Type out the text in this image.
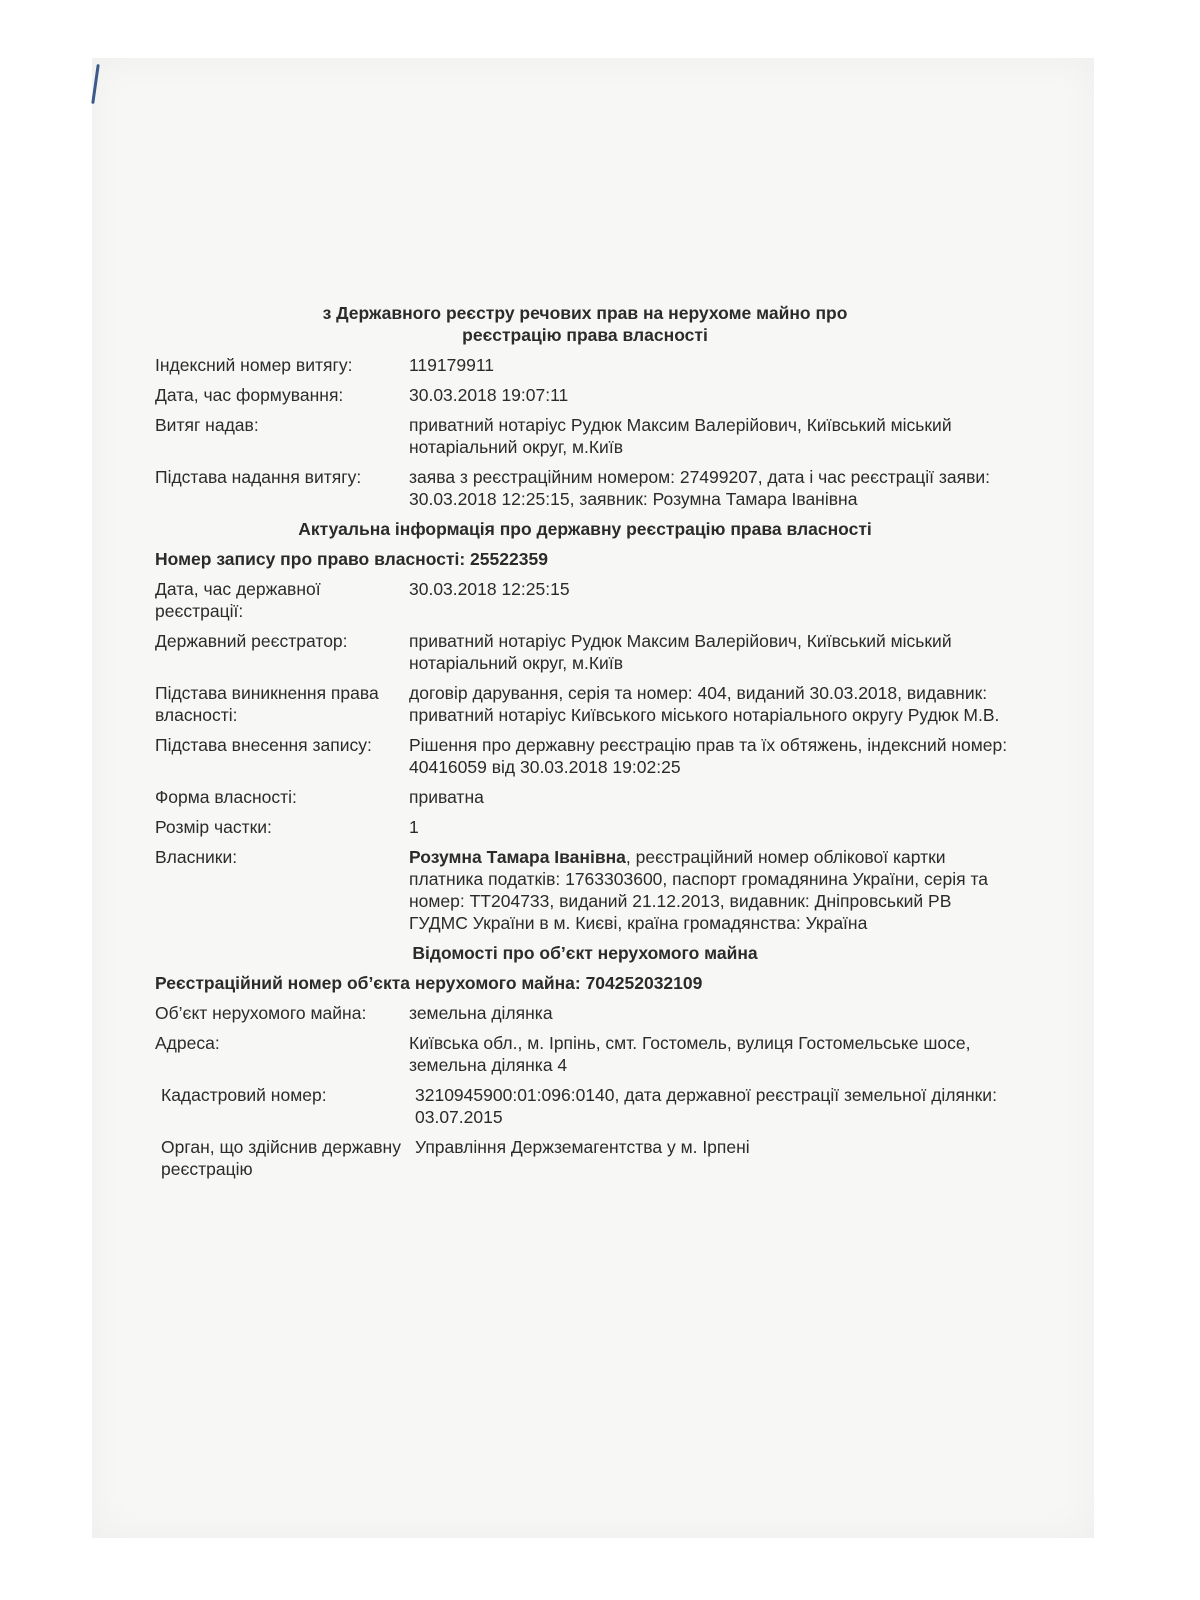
з Державного реєстру речових прав на нерухоме майно про
реєстрацію права власності
Індексний номер витягу:	119179911
Дата, час формування:	30.03.2018 19:07:11
Витяг надав:	приватний нотаріус Рудюк Максим Валерійович, Київський міський нотаріальний округ, м.Київ
Підстава надання витягу:	заява з реєстраційним номером: 27499207, дата і час реєстрації заяви: 30.03.2018 12:25:15, заявник: Розумна Тамара Іванівна
Актуальна інформація про державну реєстрацію права власності
Номер запису про право власності: 25522359
Дата, час державної реєстрації:
30.03.2018 12:25:15
Державний реєстратор:	приватний нотаріус Рудюк Максим Валерійович, Київський міський нотаріальний округ, м.Київ
Підстава виникнення права власності:
договір дарування, серія та номер: 404, виданий 30.03.2018, видавник: приватний нотаріус Київського міського нотаріального округу Рудюк М.В.
Підстава внесення запису:	Рішення про державну реєстрацію прав та їх обтяжень, індексний номер: 40416059 від 30.03.2018 19:02:25
Форма власності:	приватна
Розмір частки:	1
Власники:	Розумна Тамара Іванівна, реєстраційний номер облікової картки платника податків: 1763303600, паспорт громадянина України, серія та номер: ТТ204733, виданий 21.12.2013, видавник: Дніпровський РВ ГУДМС України в м. Києві, країна громадянства: Україна
Відомості про об’єкт нерухомого майна
Реєстраційний номер об’єкта нерухомого майна: 704252032109
Об’єкт нерухомого майна:	земельна ділянка
Адреса:	Київська обл., м. Ірпінь, смт. Гостомель, вулиця Гостомельське шосе, земельна ділянка 4
Кадастровий номер:	3210945900:01:096:0140, дата державної реєстрації земельної ділянки: 03.07.2015
Орган, що здійснив державну реєстрацію
Управління Держземагентства у м. Ірпені
